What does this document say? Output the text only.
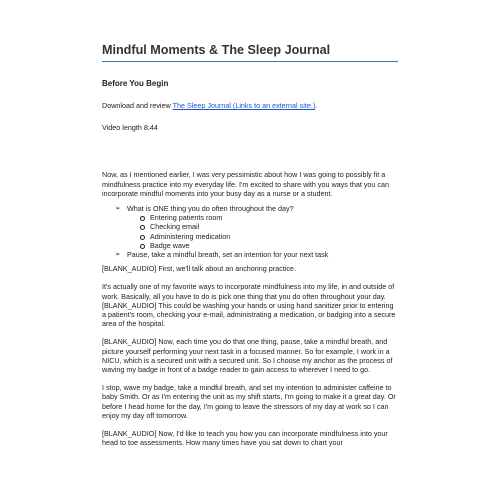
Mindful Moments & The Sleep Journal
Before You Begin

Download and review The Sleep Journal (Links to an external site.).

Video length 8:44

Now, as I mentioned earlier, I was very pessimistic about how I was going to possibly fit a mindfulness practice into my everyday life. I'm excited to share with you ways that you can incorporate mindful moments into your busy day as a nurse or a student.

➢ What is ONE thing you do often throughout the day?
Entering patients room
Checking email
Administering medication
Badge wave
➢ Pause, take a mindful breath, set an intention for your next task

[BLANK_AUDIO] First, we'll talk about an anchoring practice.

It's actually one of my favorite ways to incorporate mindfulness into my life, in and outside of work. Basically, all you have to do is pick one thing that you do often throughout your day. [BLANK_AUDIO] This could be washing your hands or using hand sanitizer prior to entering a patient's room, checking your e-mail, administrating a medication, or badging into a secure area of the hospital.

[BLANK_AUDIO] Now, each time you do that one thing, pause, take a mindful breath, and picture yourself performing your next task in a focused manner. So for example, I work in a NICU, which is a secured unit with a secured unit. So I choose my anchor as the process of waving my badge in front of a badge reader to gain access to wherever I need to go.

I stop, wave my badge, take a mindful breath, and set my intention to administer caffeine to baby Smith. Or as I'm entering the unit as my shift starts, I'm going to make it a great day. Or before I head home for the day, I'm going to leave the stressors of my day at work so I can enjoy my day off tomorrow.

[BLANK_AUDIO] Now, I'd like to teach you how you can incorporate mindfulness into your head to toe assessments. How many times have you sat down to chart your
